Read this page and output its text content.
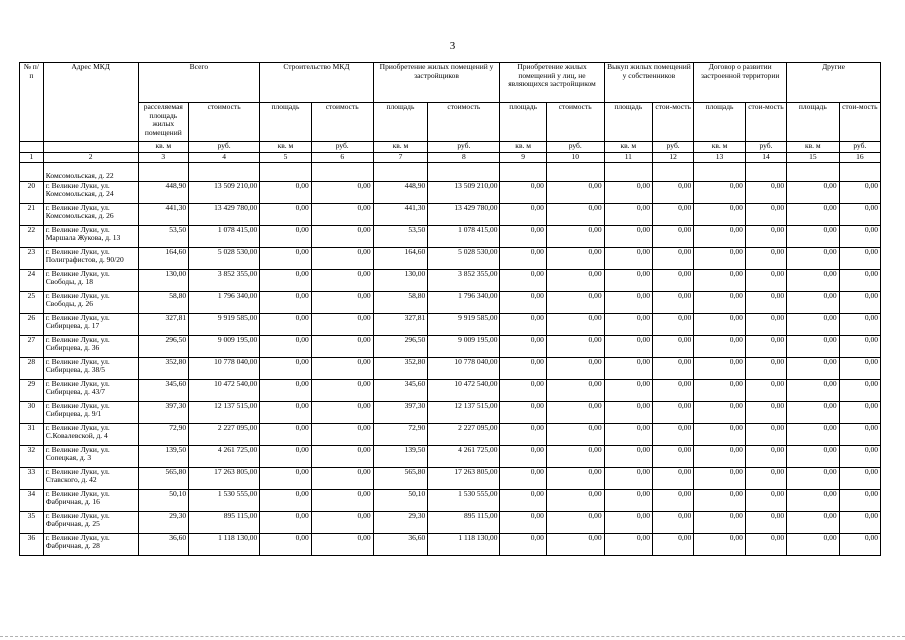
3
№ п/п	Адрес МКД	Всего		Строительство МКД		Приобретение жилых помещений у застройщиков		Приобретение жилых помещений у лиц, не являющихся застройщиком		Выкуп жилых помещений у собственников		Договор о развитии застроенной территории		Другие	
		расселяемая площадь жилых помещений	стоимость	площадь	стоимость	площадь	стоимость	площадь	стоимость	площадь	стои-мость	площадь	стои-мость	площадь	стои-мость
		кв. м	руб.	кв. м	руб.	кв. м	руб.	кв. м	руб.	кв. м	руб.	кв. м	руб.	кв. м	руб.
1	2	3	4	5	6	7	8	9	10	11	12	13	14	15	16
	Комсомольская, д. 22														
20	г. Великие Луки, ул. Комсомольская, д. 24	448,90	13 509 210,00	0,00	0,00	448,90	13 509 210,00	0,00	0,00	0,00	0,00	0,00	0,00	0,00	0,00
21	г. Великие Луки, ул. Комсомольская, д. 26	441,30	13 429 780,00	0,00	0,00	441,30	13 429 780,00	0,00	0,00	0,00	0,00	0,00	0,00	0,00	0,00
22	г. Великие Луки, ул. Маршала Жукова, д. 13	53,50	1 078 415,00	0,00	0,00	53,50	1 078 415,00	0,00	0,00	0,00	0,00	0,00	0,00	0,00	0,00
23	г. Великие Луки, ул. Полиграфистов, д. 90/20	164,60	5 028 530,00	0,00	0,00	164,60	5 028 530,00	0,00	0,00	0,00	0,00	0,00	0,00	0,00	0,00
24	г. Великие Луки, ул. Свободы, д. 18	130,00	3 852 355,00	0,00	0,00	130,00	3 852 355,00	0,00	0,00	0,00	0,00	0,00	0,00	0,00	0,00
25	г. Великие Луки, ул. Свободы, д. 26	58,80	1 796 340,00	0,00	0,00	58,80	1 796 340,00	0,00	0,00	0,00	0,00	0,00	0,00	0,00	0,00
26	г. Великие Луки, ул. Сибирцева, д. 17	327,81	9 919 585,00	0,00	0,00	327,81	9 919 585,00	0,00	0,00	0,00	0,00	0,00	0,00	0,00	0,00
27	г. Великие Луки, ул. Сибирцева, д. 36	296,50	9 009 195,00	0,00	0,00	296,50	9 009 195,00	0,00	0,00	0,00	0,00	0,00	0,00	0,00	0,00
28	г. Великие Луки, ул. Сибирцева, д. 38/5	352,80	10 778 040,00	0,00	0,00	352,80	10 778 040,00	0,00	0,00	0,00	0,00	0,00	0,00	0,00	0,00
29	г. Великие Луки, ул. Сибирцева, д. 43/7	345,60	10 472 540,00	0,00	0,00	345,60	10 472 540,00	0,00	0,00	0,00	0,00	0,00	0,00	0,00	0,00
30	г. Великие Луки, ул. Сибирцева, д. 9/1	397,30	12 137 515,00	0,00	0,00	397,30	12 137 515,00	0,00	0,00	0,00	0,00	0,00	0,00	0,00	0,00
31	г. Великие Луки, ул. С.Ковалевской, д. 4	72,90	2 227 095,00	0,00	0,00	72,90	2 227 095,00	0,00	0,00	0,00	0,00	0,00	0,00	0,00	0,00
32	г. Великие Луки, ул. Сопецкая, д. 3	139,50	4 261 725,00	0,00	0,00	139,50	4 261 725,00	0,00	0,00	0,00	0,00	0,00	0,00	0,00	0,00
33	г. Великие Луки, ул. Ставского, д. 42	565,80	17 263 805,00	0,00	0,00	565,80	17 263 805,00	0,00	0,00	0,00	0,00	0,00	0,00	0,00	0,00
34	г. Великие Луки, ул. Фабричная, д. 16	50,10	1 530 555,00	0,00	0,00	50,10	1 530 555,00	0,00	0,00	0,00	0,00	0,00	0,00	0,00	0,00
35	г. Великие Луки, ул. Фабричная, д. 25	29,30	895 115,00	0,00	0,00	29,30	895 115,00	0,00	0,00	0,00	0,00	0,00	0,00	0,00	0,00
36	г. Великие Луки, ул. Фабричная, д. 28	36,60	1 118 130,00	0,00	0,00	36,60	1 118 130,00	0,00	0,00	0,00	0,00	0,00	0,00	0,00	0,00
